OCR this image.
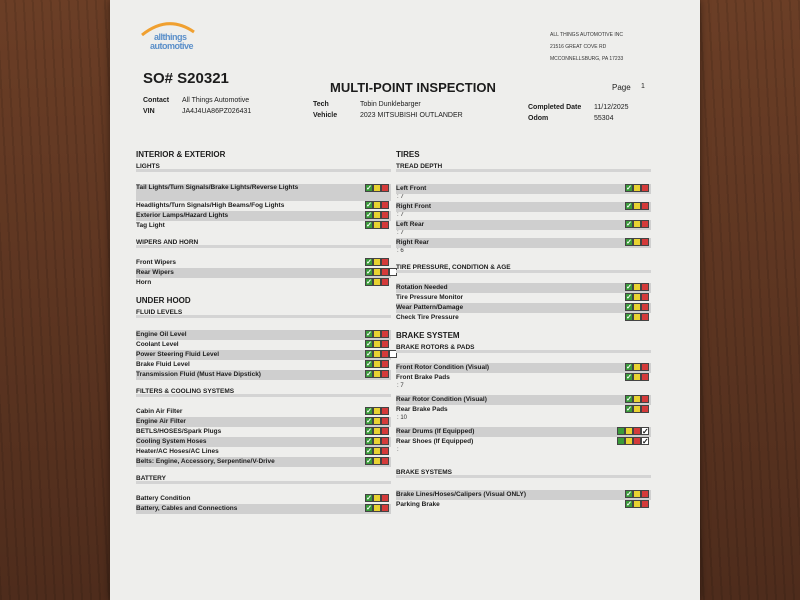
allthings
automotive
ALL THINGS AUTOMOTIVE INC
21516 GREAT COVE RD
MCCONNELLSBURG, PA 17233
SO# S20321
MULTI-POINT INSPECTION	Page 1
Contact All Things Automotive
VIN	JA4J4UA86PZ026431
Tech	Tobin Dunklebarger
Vehicle	2023 MITSUBISHI OUTLANDER
Completed Date 11/12/2025
Odom	55304
INTERIOR & EXTERIOR
LIGHTS
Tail Lights/Turn Signals/Brake Lights/Reverse Lights	✓
Headlights/Turn Signals/High Beams/Fog Lights	✓
Exterior Lamps/Hazard Lights	✓
Tag Light	✓
WIPERS AND HORN
Front Wipers	✓
Rear Wipers	✓
Horn	✓
UNDER HOOD
FLUID LEVELS
Engine Oil Level	✓
Coolant Level	✓
Power Steering Fluid Level	✓
Brake Fluid Level	✓
Transmission Fluid (Must Have Dipstick)	✓
FILTERS & COOLING SYSTEMS
Cabin Air Filter	✓
Engine Air Filter	✓
BETLS/HOSES/Spark Plugs	✓
Cooling System Hoses	✓
Heater/AC Hoses/AC Lines	✓
Belts: Engine, Accessory, Serpentine/V-Drive	✓
BATTERY
Battery Condition	✓
Battery, Cables and Connections	✓
TIRES
TREAD DEPTH
Left Front	✓
: 7
Right Front	✓
: 7
Left Rear	✓
: 7
Right Rear	✓
: 6
TIRE PRESSURE, CONDITION & AGE
Rotation Needed	✓
Tire Pressure Monitor	✓
Wear Pattern/Damage	✓
Check Tire Pressure	✓
BRAKE SYSTEM
BRAKE ROTORS & PADS
Front Rotor Condition (Visual)	✓
Front Brake Pads	✓
: 7
Rear Rotor Condition (Visual)	✓
Rear Brake Pads	✓
: 10
Rear Drums (If Equipped)	✓
Rear Shoes (If Equipped)	✓
:
BRAKE SYSTEMS
Brake Lines/Hoses/Calipers (Visual ONLY)	✓
Parking Brake	✓
